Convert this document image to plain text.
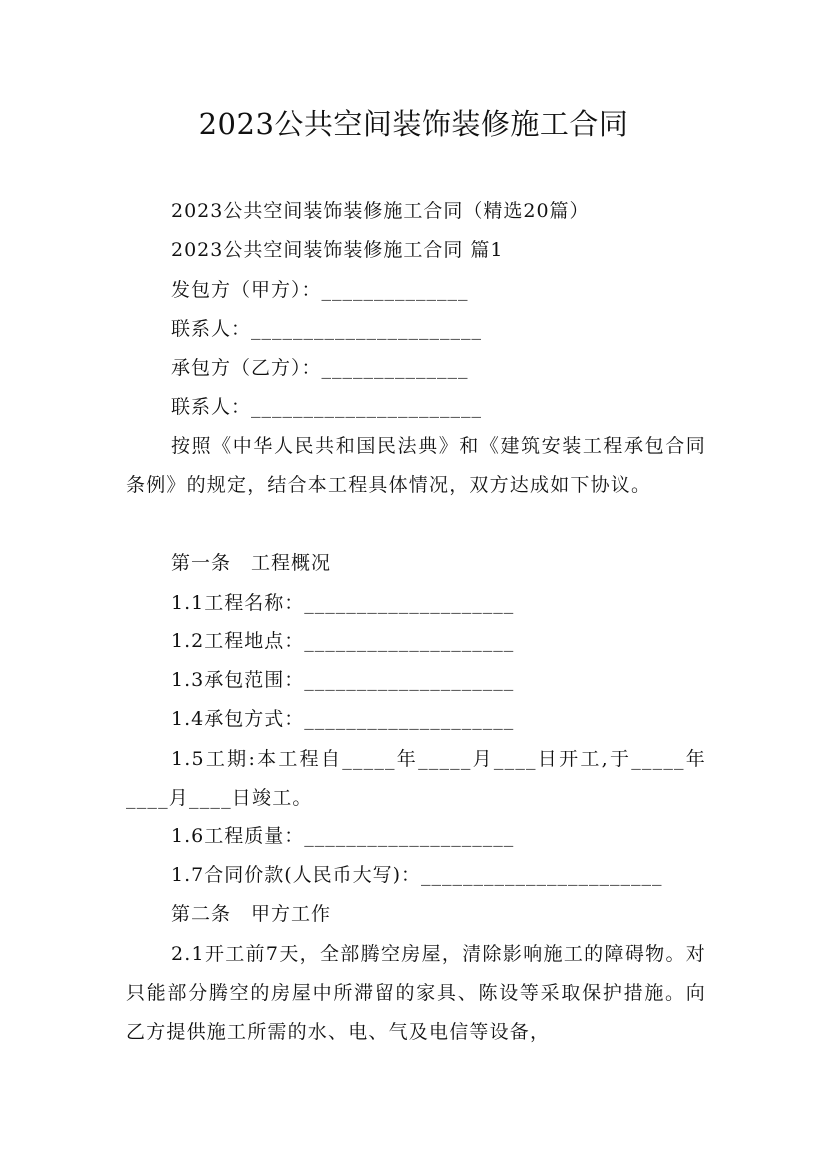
2023公共空间装饰装修施工合同
2023公共空间装饰装修施工合同（精选20篇）
2023公共空间装饰装修施工合同 篇1
发包方（甲方）：______________
联系人：______________________
承包方（乙方）：______________
联系人：______________________
按照《中华人民共和国民法典》和《建筑安装工程承包合同条例》的规定，结合本工程具体情况，双方达成如下协议。
第一条　工程概况
1.1工程名称：____________________
1.2工程地点：____________________
1.3承包范围：____________________
1.4承包方式：____________________
1.5工期:本工程自_____年_____月____日开工,于_____年____月____日竣工。
1.6工程质量：____________________
1.7合同价款(人民币大写)：_______________________
第二条　甲方工作
2.1开工前7天，全部腾空房屋，清除影响施工的障碍物。对只能部分腾空的房屋中所滞留的家具、陈设等采取保护措施。向乙方提供施工所需的水、电、气及电信等设备，
